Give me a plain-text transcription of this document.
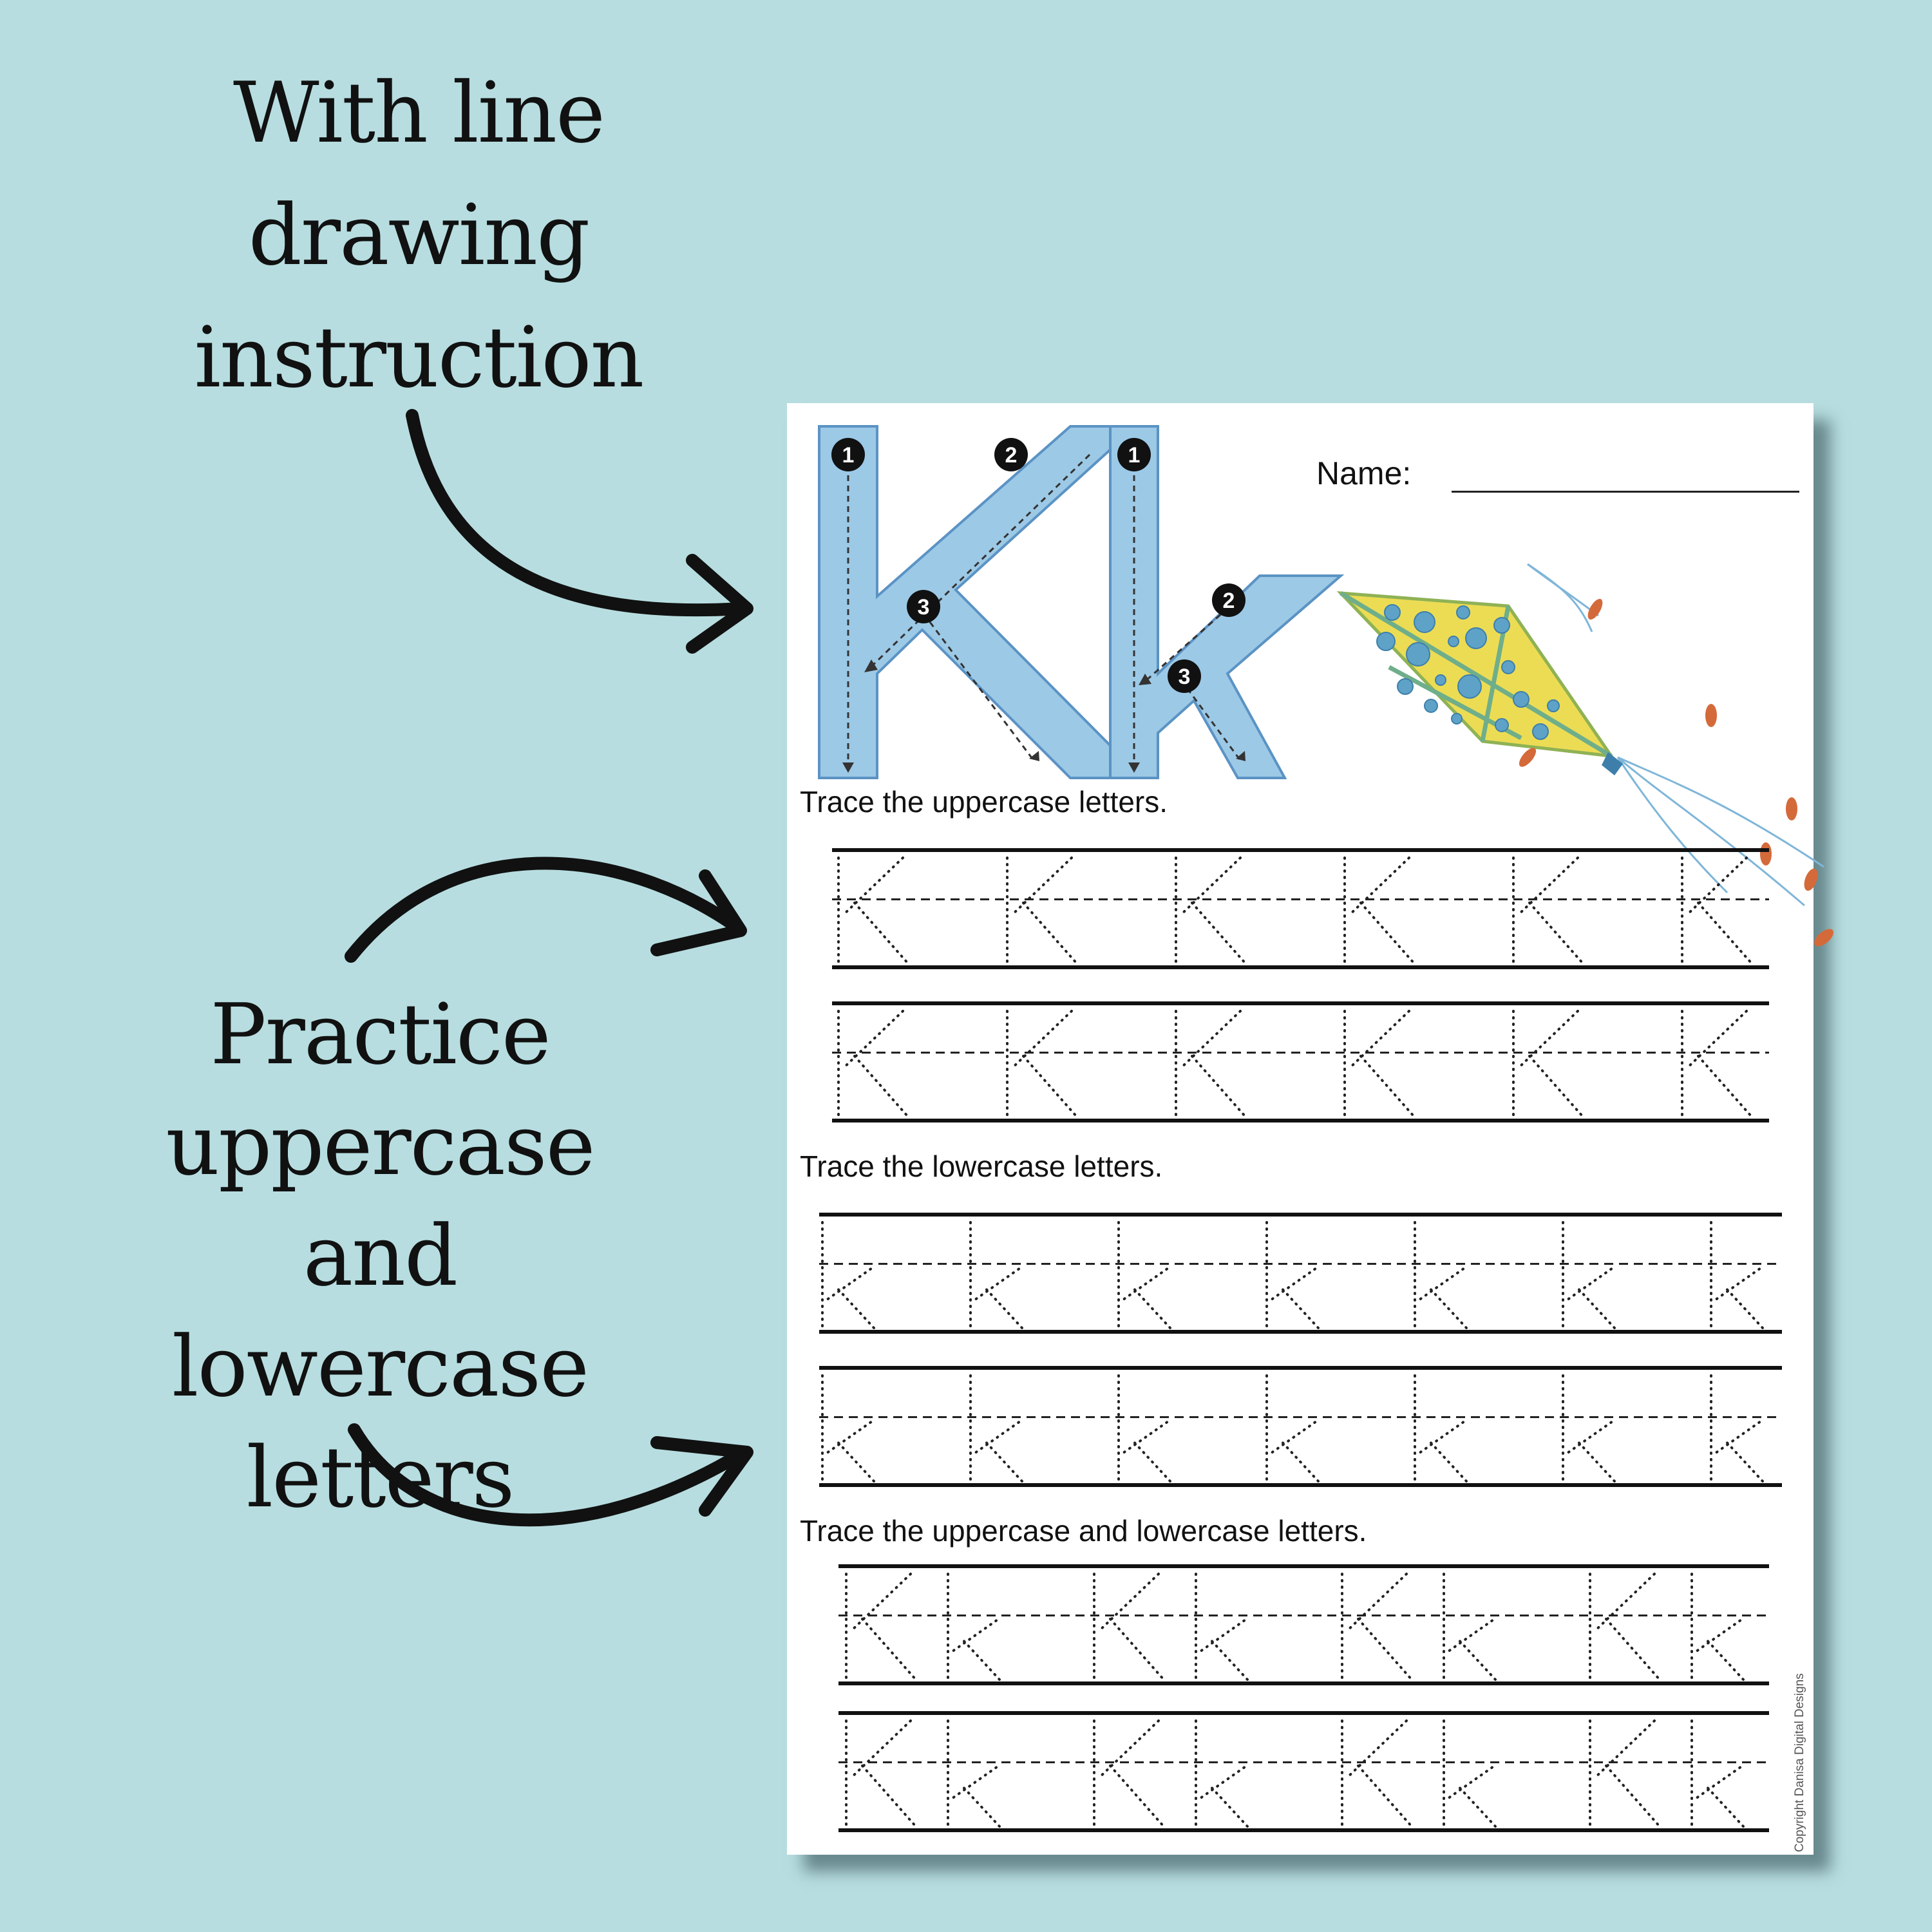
With line
drawing
instruction
Practice
uppercase
and lowercase
letters
1	2
3
1
2
3
Name:
Trace the uppercase letters.
Trace the lowercase letters.
Trace the uppercase and lowercase letters.
Copyright Danisa Digital Designs
